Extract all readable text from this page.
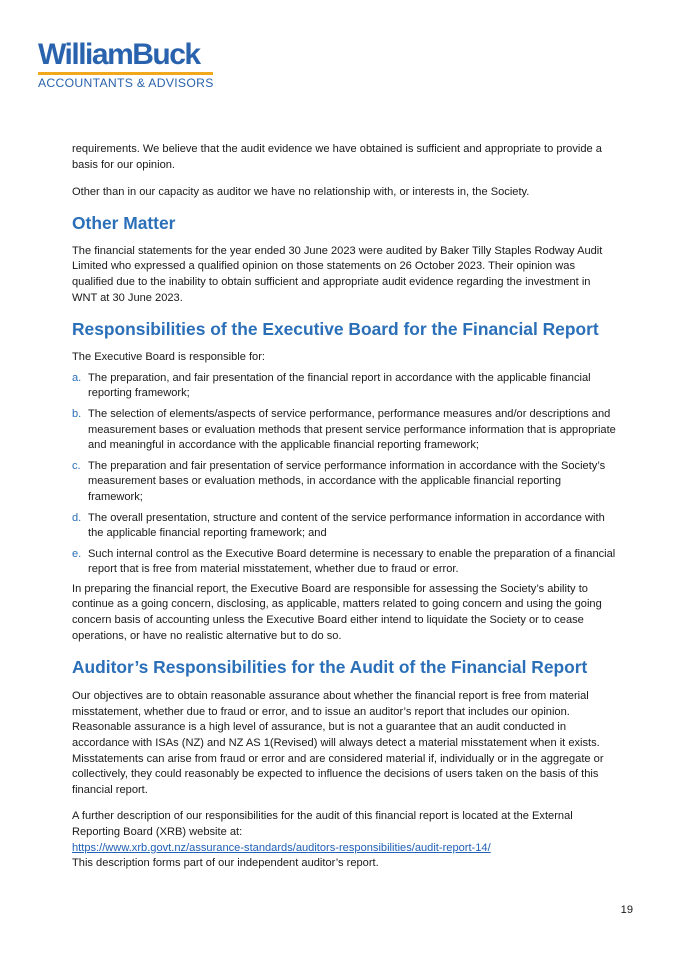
WilliamBuck
ACCOUNTANTS & ADVISORS

requirements. We believe that the audit evidence we have obtained is sufficient and appropriate to provide a basis for our opinion.

Other than in our capacity as auditor we have no relationship with, or interests in, the Society.

Other Matter

The financial statements for the year ended 30 June 2023 were audited by Baker Tilly Staples Rodway Audit Limited who expressed a qualified opinion on those statements on 26 October 2023. Their opinion was qualified due to the inability to obtain sufficient and appropriate audit evidence regarding the investment in WNT at 30 June 2023.

Responsibilities of the Executive Board for the Financial Report

The Executive Board is responsible for:

a. The preparation, and fair presentation of the financial report in accordance with the applicable financial reporting framework;
b. The selection of elements/aspects of service performance, performance measures and/or descriptions and measurement bases or evaluation methods that present service performance information that is appropriate and meaningful in accordance with the applicable financial reporting framework;
c. The preparation and fair presentation of service performance information in accordance with the Society’s measurement bases or evaluation methods, in accordance with the applicable financial reporting framework;
d. The overall presentation, structure and content of the service performance information in accordance with the applicable financial reporting framework; and
e. Such internal control as the Executive Board determine is necessary to enable the preparation of a financial report that is free from material misstatement, whether due to fraud or error.

In preparing the financial report, the Executive Board are responsible for assessing the Society’s ability to continue as a going concern, disclosing, as applicable, matters related to going concern and using the going concern basis of accounting unless the Executive Board either intend to liquidate the Society or to cease operations, or have no realistic alternative but to do so.

Auditor’s Responsibilities for the Audit of the Financial Report

Our objectives are to obtain reasonable assurance about whether the financial report is free from material misstatement, whether due to fraud or error, and to issue an auditor’s report that includes our opinion. Reasonable assurance is a high level of assurance, but is not a guarantee that an audit conducted in accordance with ISAs (NZ) and NZ AS 1(Revised) will always detect a material misstatement when it exists. Misstatements can arise from fraud or error and are considered material if, individually or in the aggregate or collectively, they could reasonably be expected to influence the decisions of users taken on the basis of this financial report.

A further description of our responsibilities for the audit of this financial report is located at the External Reporting Board (XRB) website at:
https://www.xrb.govt.nz/assurance-standards/auditors-responsibilities/audit-report-14/
This description forms part of our independent auditor’s report.

19
